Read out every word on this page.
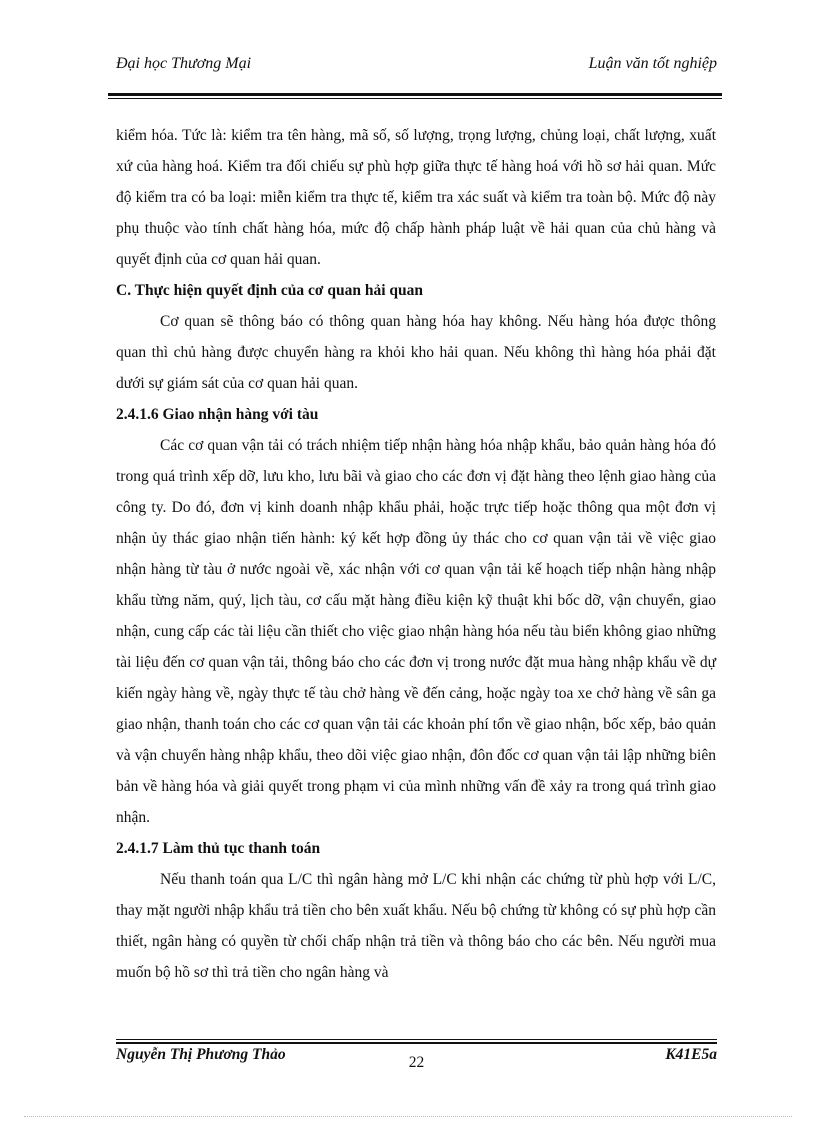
Đại học Thương Mại	Luận văn tốt nghiệp

kiểm hóa. Tức là: kiểm tra tên hàng, mã số, số lượng, trọng lượng, chủng loại, chất lượng, xuất xứ của hàng hoá. Kiểm tra đối chiếu sự phù hợp giữa thực tế hàng hoá với hồ sơ hải quan. Mức độ kiểm tra có ba loại: miễn kiểm tra thực tế, kiểm tra xác suất và kiểm tra toàn bộ. Mức độ này phụ thuộc vào tính chất hàng hóa, mức độ chấp hành pháp luật về hải quan của chủ hàng và quyết định của cơ quan hải quan.

C. Thực hiện quyết định của cơ quan hải quan

Cơ quan sẽ thông báo có thông quan hàng hóa hay không. Nếu hàng hóa được thông quan thì chủ hàng được chuyển hàng ra khỏi kho hải quan. Nếu không thì hàng hóa phải đặt dưới sự giám sát của cơ quan hải quan.

2.4.1.6 Giao nhận hàng với tàu

Các cơ quan vận tải có trách nhiệm tiếp nhận hàng hóa nhập khẩu, bảo quản hàng hóa đó trong quá trình xếp dỡ, lưu kho, lưu bãi và giao cho các đơn vị đặt hàng theo lệnh giao hàng của công ty. Do đó, đơn vị kinh doanh nhập khẩu phải, hoặc trực tiếp hoặc thông qua một đơn vị nhận ủy thác giao nhận tiến hành: ký kết hợp đồng ủy thác cho cơ quan vận tải về việc giao nhận hàng từ tàu ở nước ngoài về, xác nhận với cơ quan vận tải kế hoạch tiếp nhận hàng nhập khẩu từng năm, quý, lịch tàu, cơ cấu mặt hàng điều kiện kỹ thuật khi bốc dỡ, vận chuyển, giao nhận, cung cấp các tài liệu cần thiết cho việc giao nhận hàng hóa nếu tàu biển không giao những tài liệu đến cơ quan vận tải, thông báo cho các đơn vị trong nước đặt mua hàng nhập khẩu về dự kiến ngày hàng về, ngày thực tế tàu chở hàng về đến cảng, hoặc ngày toa xe chở hàng về sân ga giao nhận, thanh toán cho các cơ quan vận tải các khoản phí tổn về giao nhận, bốc xếp, bảo quản và vận chuyển hàng nhập khẩu, theo dõi việc giao nhận, đôn đốc cơ quan vận tải lập những biên bản về hàng hóa và giải quyết trong phạm vi của mình những vấn đề xảy ra trong quá trình giao nhận.

2.4.1.7 Làm thủ tục thanh toán

Nếu thanh toán qua L/C thì ngân hàng mở L/C khi nhận các chứng từ phù hợp với L/C, thay mặt người nhập khẩu trả tiền cho bên xuất khẩu. Nếu bộ chứng từ không có sự phù hợp cần thiết, ngân hàng có quyền từ chối chấp nhận trả tiền và thông báo cho các bên. Nếu người mua muốn bộ hồ sơ thì trả tiền cho ngân hàng và

Nguyễn Thị Phương Thảo	22	K41E5a
